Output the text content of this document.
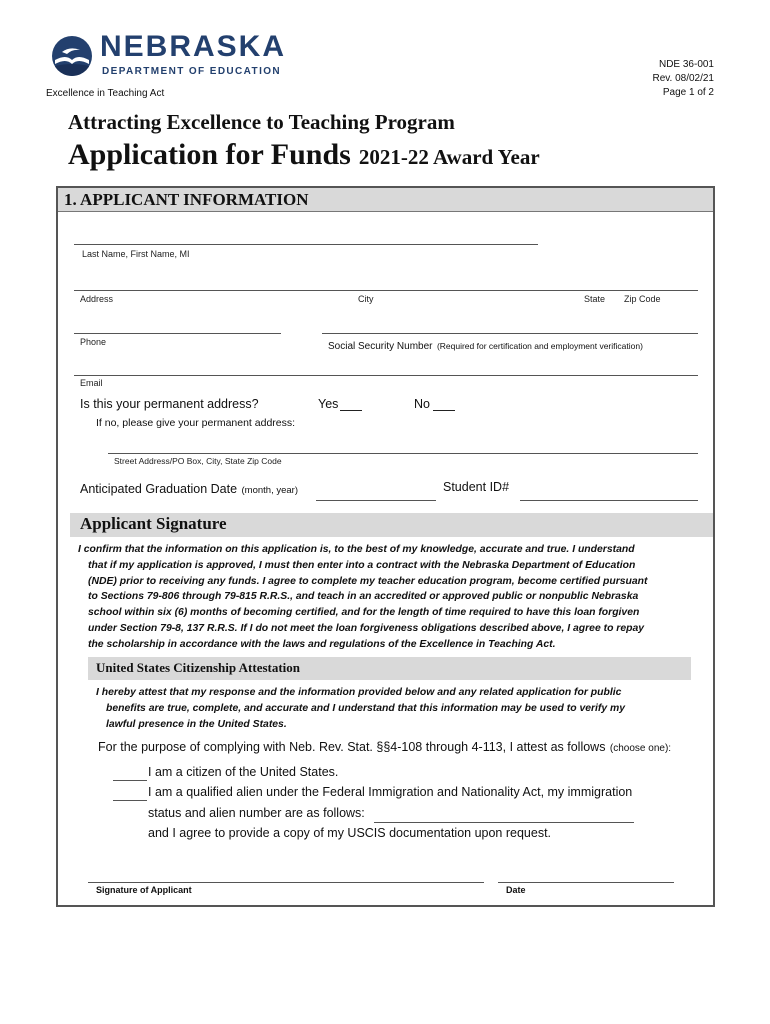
NEBRASKA
DEPARTMENT OF EDUCATION
Excellence in Teaching Act
NDE 36-001
Rev. 08/02/21
Page 1 of 2
Attracting Excellence to Teaching Program
Application for Funds 2021-22 Award Year
1. APPLICANT INFORMATION
Last Name, First Name, MI
Address	City	State Zip Code
Phone	Social Security Number (Required for certification and employment verification)
Email
Is this your permanent address?	Yes	No
If no, please give your permanent address:
Street Address/PO Box, City, State Zip Code
Anticipated Graduation Date (month, year)	Student ID#
Applicant Signature
I confirm that the information on this application is, to the best of my knowledge, accurate and true. I understand
that if my application is approved, I must then enter into a contract with the Nebraska Department of Education
(NDE) prior to receiving any funds. I agree to complete my teacher education program, become certified pursuant
to Sections 79-806 through 79-815 R.R.S., and teach in an accredited or approved public or nonpublic Nebraska
school within six (6) months of becoming certified, and for the length of time required to have this loan forgiven
under Section 79-8, 137 R.R.S. If I do not meet the loan forgiveness obligations described above, I agree to repay
the scholarship in accordance with the laws and regulations of the Excellence in Teaching Act.
United States Citizenship Attestation
I hereby attest that my response and the information provided below and any related application for public
benefits are true, complete, and accurate and I understand that this information may be used to verify my
lawful presence in the United States.
For the purpose of complying with Neb. Rev. Stat. §§4-108 through 4-113, I attest as follows (choose one):
I am a citizen of the United States.
I am a qualified alien under the Federal Immigration and Nationality Act, my immigration
status and alien number are as follows:
and I agree to provide a copy of my USCIS documentation upon request.
Signature of Applicant	Date
